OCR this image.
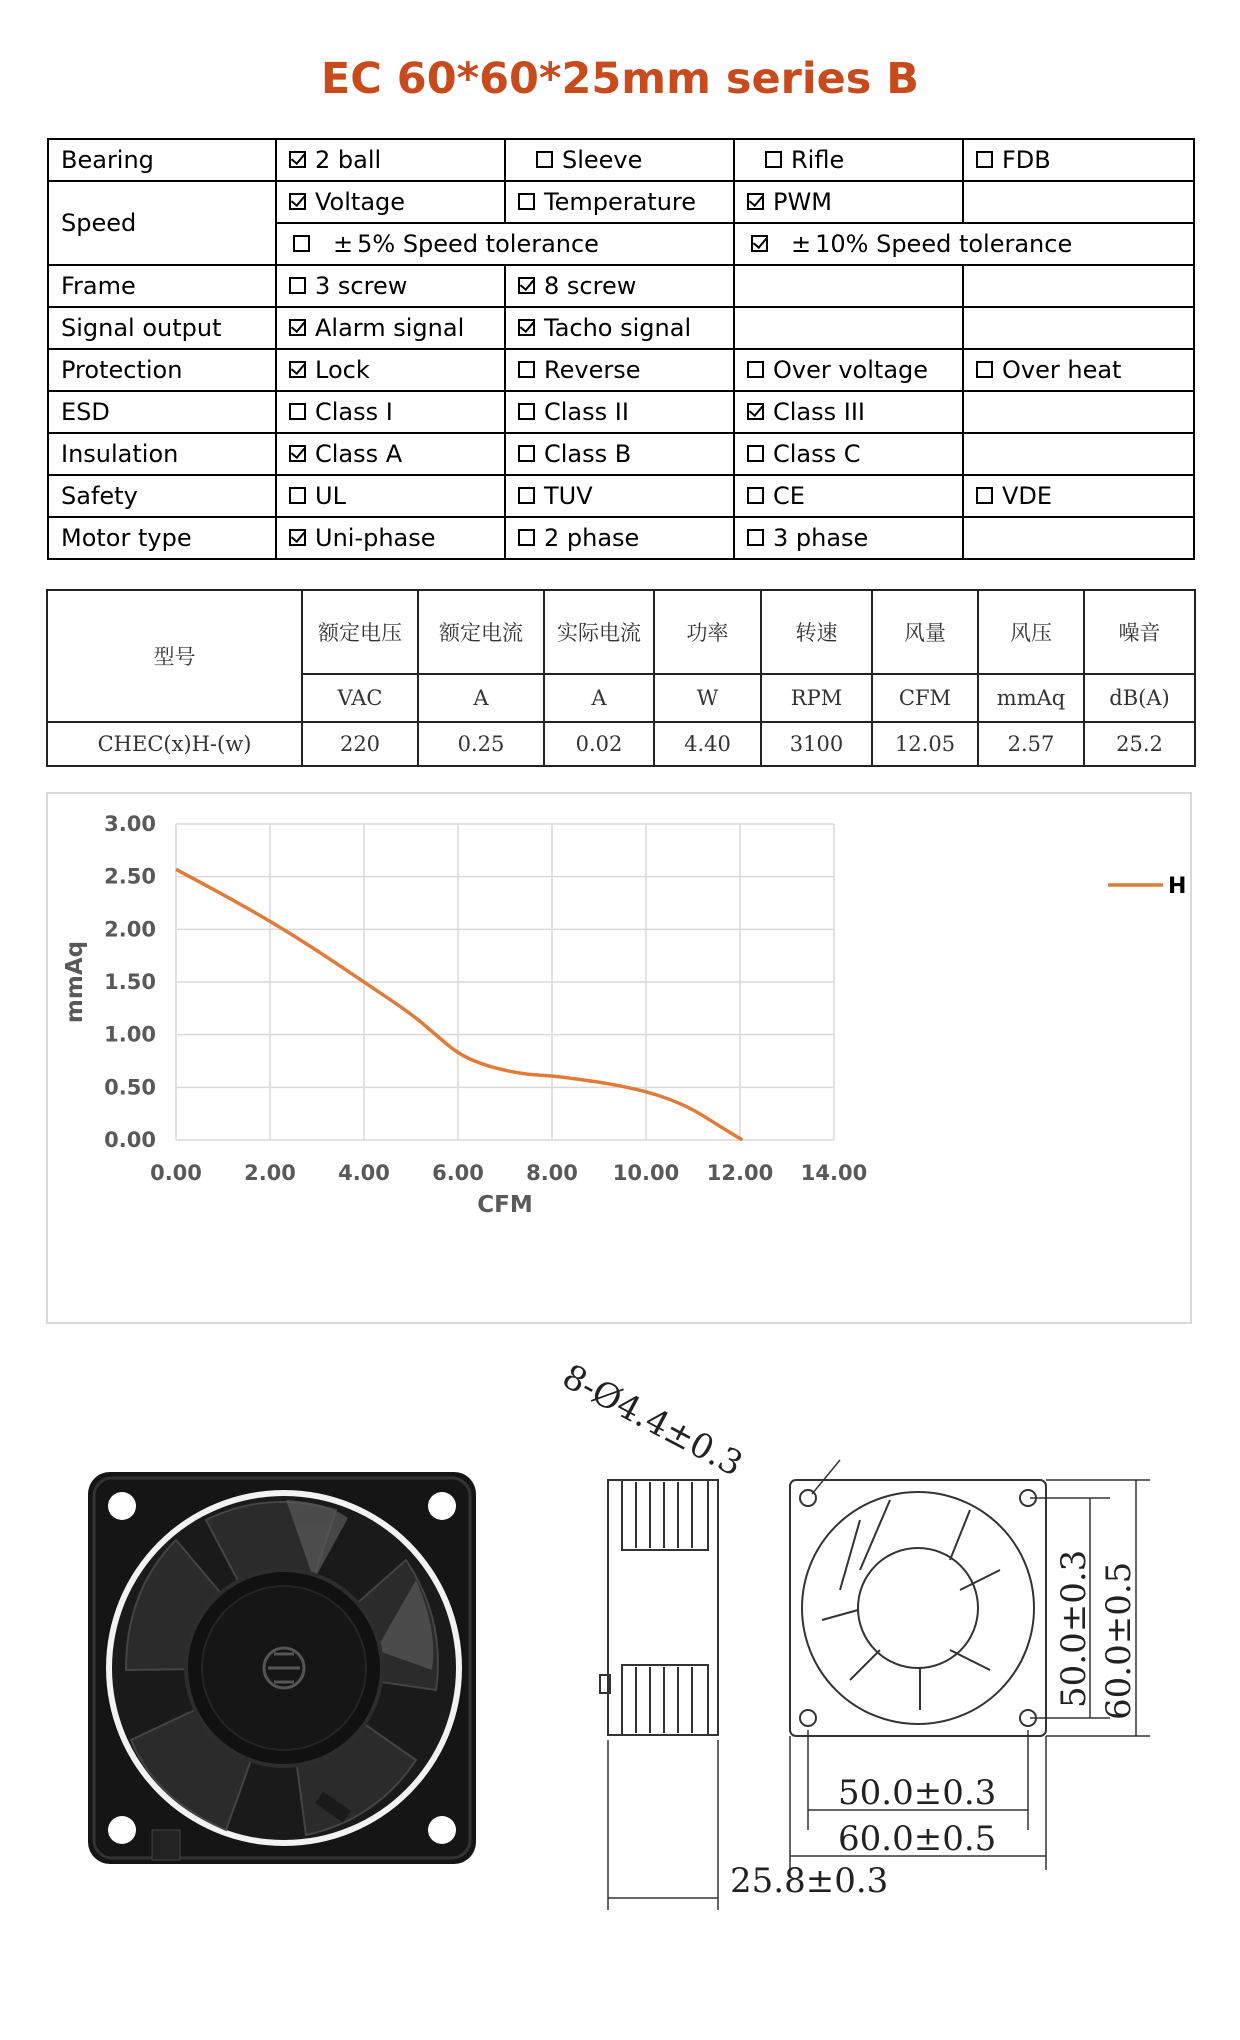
EC 60*60*25mm series B
Bearing	2 ball	Sleeve	Rifle	FDB

Speed	Voltage	Temperature	PWM	

	± 5% Speed tolerance		± 10% Speed tolerance	

Frame	3 screw	8 screw		

Signal output	Alarm signal	Tacho signal		

Protection	Lock	Reverse	Over voltage	Over heat

ESD	Class I	Class II	Class III	

Insulation	Class A	Class B	Class C	

Safety	UL	TUV	CE	VDE

Motor type	Uni-phase	2 phase	3 phase	

型号	额定电压	额定电流	实际电流	功率	转速	风量	风压	噪音
	VAC	A	A	W	RPM	CFM	mmAq	dB(A)
CHEC(x)H-(w)	220	0.25	0.02	4.40	3100	12.05	2.57	25.2
0.00 2.00 4.00 6.00 8.00 10.00 12.00 14.00
0.00
0.50
1.00
1.50
2.00
2.50
3.00
CFM
mmAq
H
8-Ø4.4±0.3
50.0±0.3
60.0±0.5
25.8±0.3
50.0±0.3 60.0±0.5
